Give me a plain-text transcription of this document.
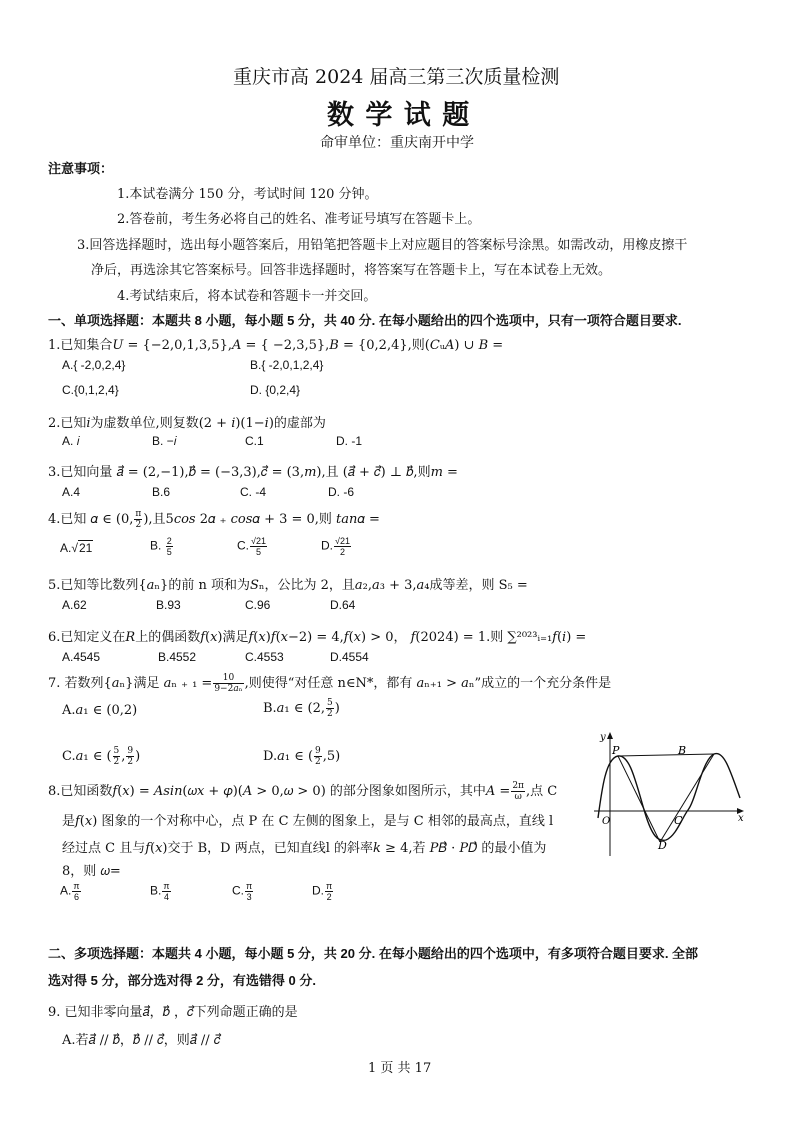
重庆市高 2024 届高三第三次质量检测
数 学 试 题
命审单位：重庆南开中学
注意事项：
1.本试卷满分 150 分，考试时间 120 分钟。
2.答卷前，考生务必将自己的姓名、准考证号填写在答题卡上。
3.回答选择题时，选出每小题答案后，用铅笔把答题卡上对应题目的答案标号涂黑。如需改动，用橡皮擦干
净后，再选涂其它答案标号。回答非选择题时，将答案写在答题卡上，写在本试卷上无效。
4.考试结束后，将本试卷和答题卡一并交回。
一、单项选择题：本题共 8 小题，每小题 5 分，共 40 分. 在每小题给出的四个选项中，只有一项符合题目要求.
1.已知集合𝑈 = {−2,0,1,3,5},𝐴 = { −2,3,5},𝐵 = {0,2,4},则(𝐶ᵤ𝐴) ∪ 𝐵 =
A.{ -2,0,2,4}	B.{ -2,0,1,2,4}
C.{0,1,2,4}	D. {0,2,4}
2.已知𝑖为虚数单位,则复数(2 + 𝑖)(1−𝑖)的虚部为
A. 𝑖	B. −𝑖	C.1	D. -1
3.已知向量 𝑎⃗ = (2,−1),𝑏⃗ = (−3,3),𝑐⃗ = (3,𝑚),且 (𝑎⃗ + 𝑐⃗) ⊥ 𝑏⃗,则𝑚 =
A.4	B.6	C. -4	D. -6
4.已知 𝛼 ∈ (0, $\frac{\pi}{2}$ ),且5𝑐𝑜𝑠 2𝛼 ₊ 𝑐𝑜𝑠𝛼 + 3 = 0,则 𝑡𝑎𝑛𝛼 =
A.√21	B. $\frac{2}{5}$	C. $\frac{√21}{5}$	D. $\frac{√21}{2}$
5.已知等比数列{𝑎ₙ}的前 n 项和为𝑆ₙ，公比为 2，且𝑎₂,𝑎₃ + 3,𝑎₄成等差，则 S₅ =
A.62	B.93	C.96	D.64
6.已知定义在𝑅上的偶函数𝑓(𝑥)满足𝑓(𝑥)𝑓(𝑥−2) = 4,𝑓(𝑥) > 0， 𝑓(2024) = 1.则 ∑²⁰²³ᵢ₌₁𝑓(𝑖) =
A.4545	B.4552	C.4553	D.4554
7. 若数列{𝑎ₙ}满足 𝑎ₙ ₊ $_1 = \frac{10}{\text{9−2𝑎ₙ}}$ ,则使得“对任意 n∈N*，都有 𝑎ₙ₊₁ > 𝑎ₙ”成立的一个充分条件是
A.𝑎₁ ∈ (0,2)	B.𝑎₁ ∈ (2, $\frac{5}{2}$ )
C.𝑎₁ ∈ ( $\frac{5}{2}$ , $\frac{9}{2}$ )	D.𝑎₁ ∈ ( $\frac{9}{2} ,5$)
8.已知函数𝑓(𝑥) = 𝐴𝑠𝑖𝑛(𝜔𝑥 + 𝜑)(𝐴 > 0,𝜔 > 0) 的部分图象如图所示，其中𝐴 = $\frac{2\pi}{\omega}$ ,点 C
是𝑓(𝑥) 图象的一个对称中心，点 P 在 C 左侧的图象上，是与 C 相邻的最高点，直线 l
经过点 C 且与𝑓(𝑥)交于 B，D 两点，已知直线l 的斜率𝑘 ≥ 4,若 𝑃𝐵⃗ · 𝑃𝐷⃗ 的最小值为
8，则 𝜔=
A. $\frac{\pi}{6}$	B. $\frac{\pi}{4}$	C. $\frac{\pi}{3}$	D. $\frac{\pi}{2}$
y
x
O
P	B
C
D
二、多项选择题：本题共 4 小题，每小题 5 分，共 20 分. 在每小题给出的四个选项中，有多项符合题目要求. 全部
选对得 5 分，部分选对得 2 分，有选错得 0 分.
9. 已知非零向量𝑎⃗，𝑏⃗ ，𝑐⃗下列命题正确的是
A.若𝑎⃗ // 𝑏⃗，𝑏⃗ // 𝑐⃗，则𝑎⃗ // 𝑐⃗
1 页 共 17
